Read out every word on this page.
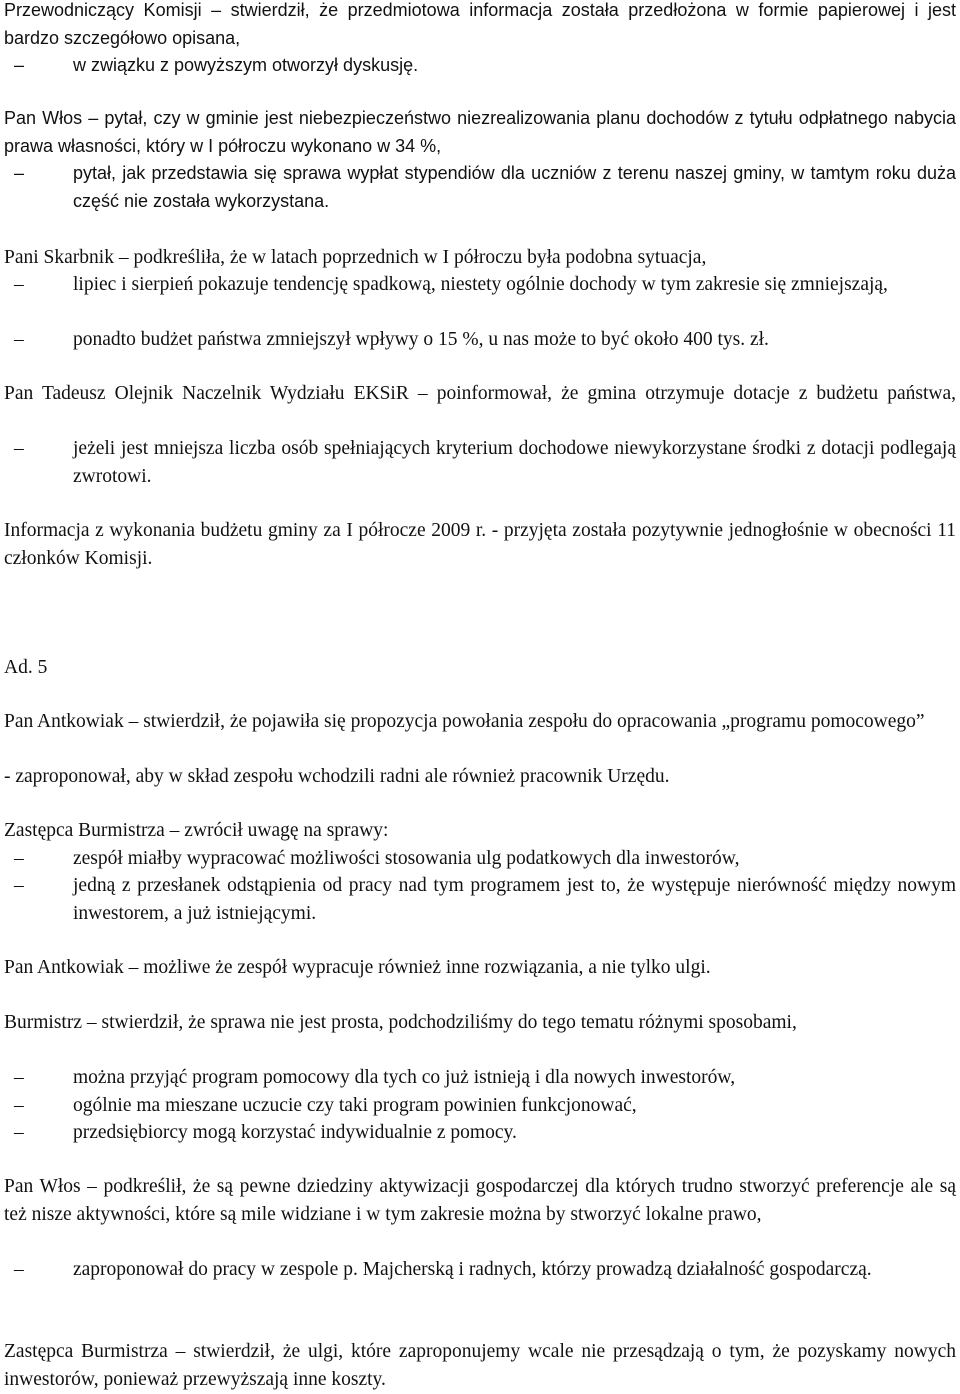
Przewodniczący Komisji – stwierdził, że przedmiotowa informacja została przedłożona w formie papierowej i jest bardzo szczegółowo opisana,

–	w związku z powyższym otworzył dyskusję.

Pan Włos – pytał, czy w gminie jest niebezpieczeństwo niezrealizowania planu dochodów z tytułu odpłatnego nabycia prawa własności, który w I półroczu wykonano w 34 %,

–	pytał, jak przedstawia się sprawa wypłat stypendiów dla uczniów z terenu naszej gminy, w tamtym roku duża część nie została wykorzystana.

Pani Skarbnik – podkreśliła, że w latach poprzednich w I półroczu była podobna sytuacja,

–	lipiec i sierpień pokazuje tendencję spadkową, niestety ogólnie dochody w tym zakresie się zmniejszają,
–	ponadto budżet państwa zmniejszył wpływy o 15 %, u nas może to być około 400 tys. zł.

Pan Tadeusz Olejnik Naczelnik Wydziału EKSiR – poinformował, że gmina otrzymuje dotacje z budżetu państwa,

–	jeżeli jest mniejsza liczba osób spełniających kryterium dochodowe niewykorzystane środki z dotacji podlegają zwrotowi.

Informacja z wykonania budżetu gminy za I półrocze 2009 r. - przyjęta została pozytywnie jednogłośnie w obecności 11 członków Komisji.

Ad. 5

Pan Antkowiak – stwierdził, że pojawiła się propozycja powołania zespołu do opracowania „programu pomocowego”

- zaproponował, aby w skład zespołu wchodzili radni ale również pracownik Urzędu.

Zastępca Burmistrza – zwrócił uwagę na sprawy:

–	zespół miałby wypracować możliwości stosowania ulg podatkowych dla inwestorów,
–	jedną z przesłanek odstąpienia od pracy nad tym programem jest to, że występuje nierówność między nowym inwestorem, a już istniejącymi.

Pan Antkowiak – możliwe że zespół wypracuje również inne rozwiązania, a nie tylko ulgi.

Burmistrz – stwierdził, że sprawa nie jest prosta, podchodziliśmy do tego tematu różnymi sposobami,

–	można przyjąć program pomocowy dla tych co już istnieją i dla nowych inwestorów,
–	ogólnie ma mieszane uczucie czy taki program powinien funkcjonować,
–	przedsiębiorcy mogą korzystać indywidualnie z pomocy.

Pan Włos – podkreślił, że są pewne dziedziny aktywizacji gospodarczej dla których trudno stworzyć preferencje ale są też nisze aktywności, które są mile widziane i w tym zakresie można by stworzyć lokalne prawo,

–	zaproponował do pracy w zespole p. Majcherską i radnych, którzy prowadzą działalność gospodarczą.

Zastępca Burmistrza – stwierdził, że ulgi, które zaproponujemy wcale nie przesądzają o tym, że pozyskamy nowych inwestorów, ponieważ przewyższają inne koszty.
